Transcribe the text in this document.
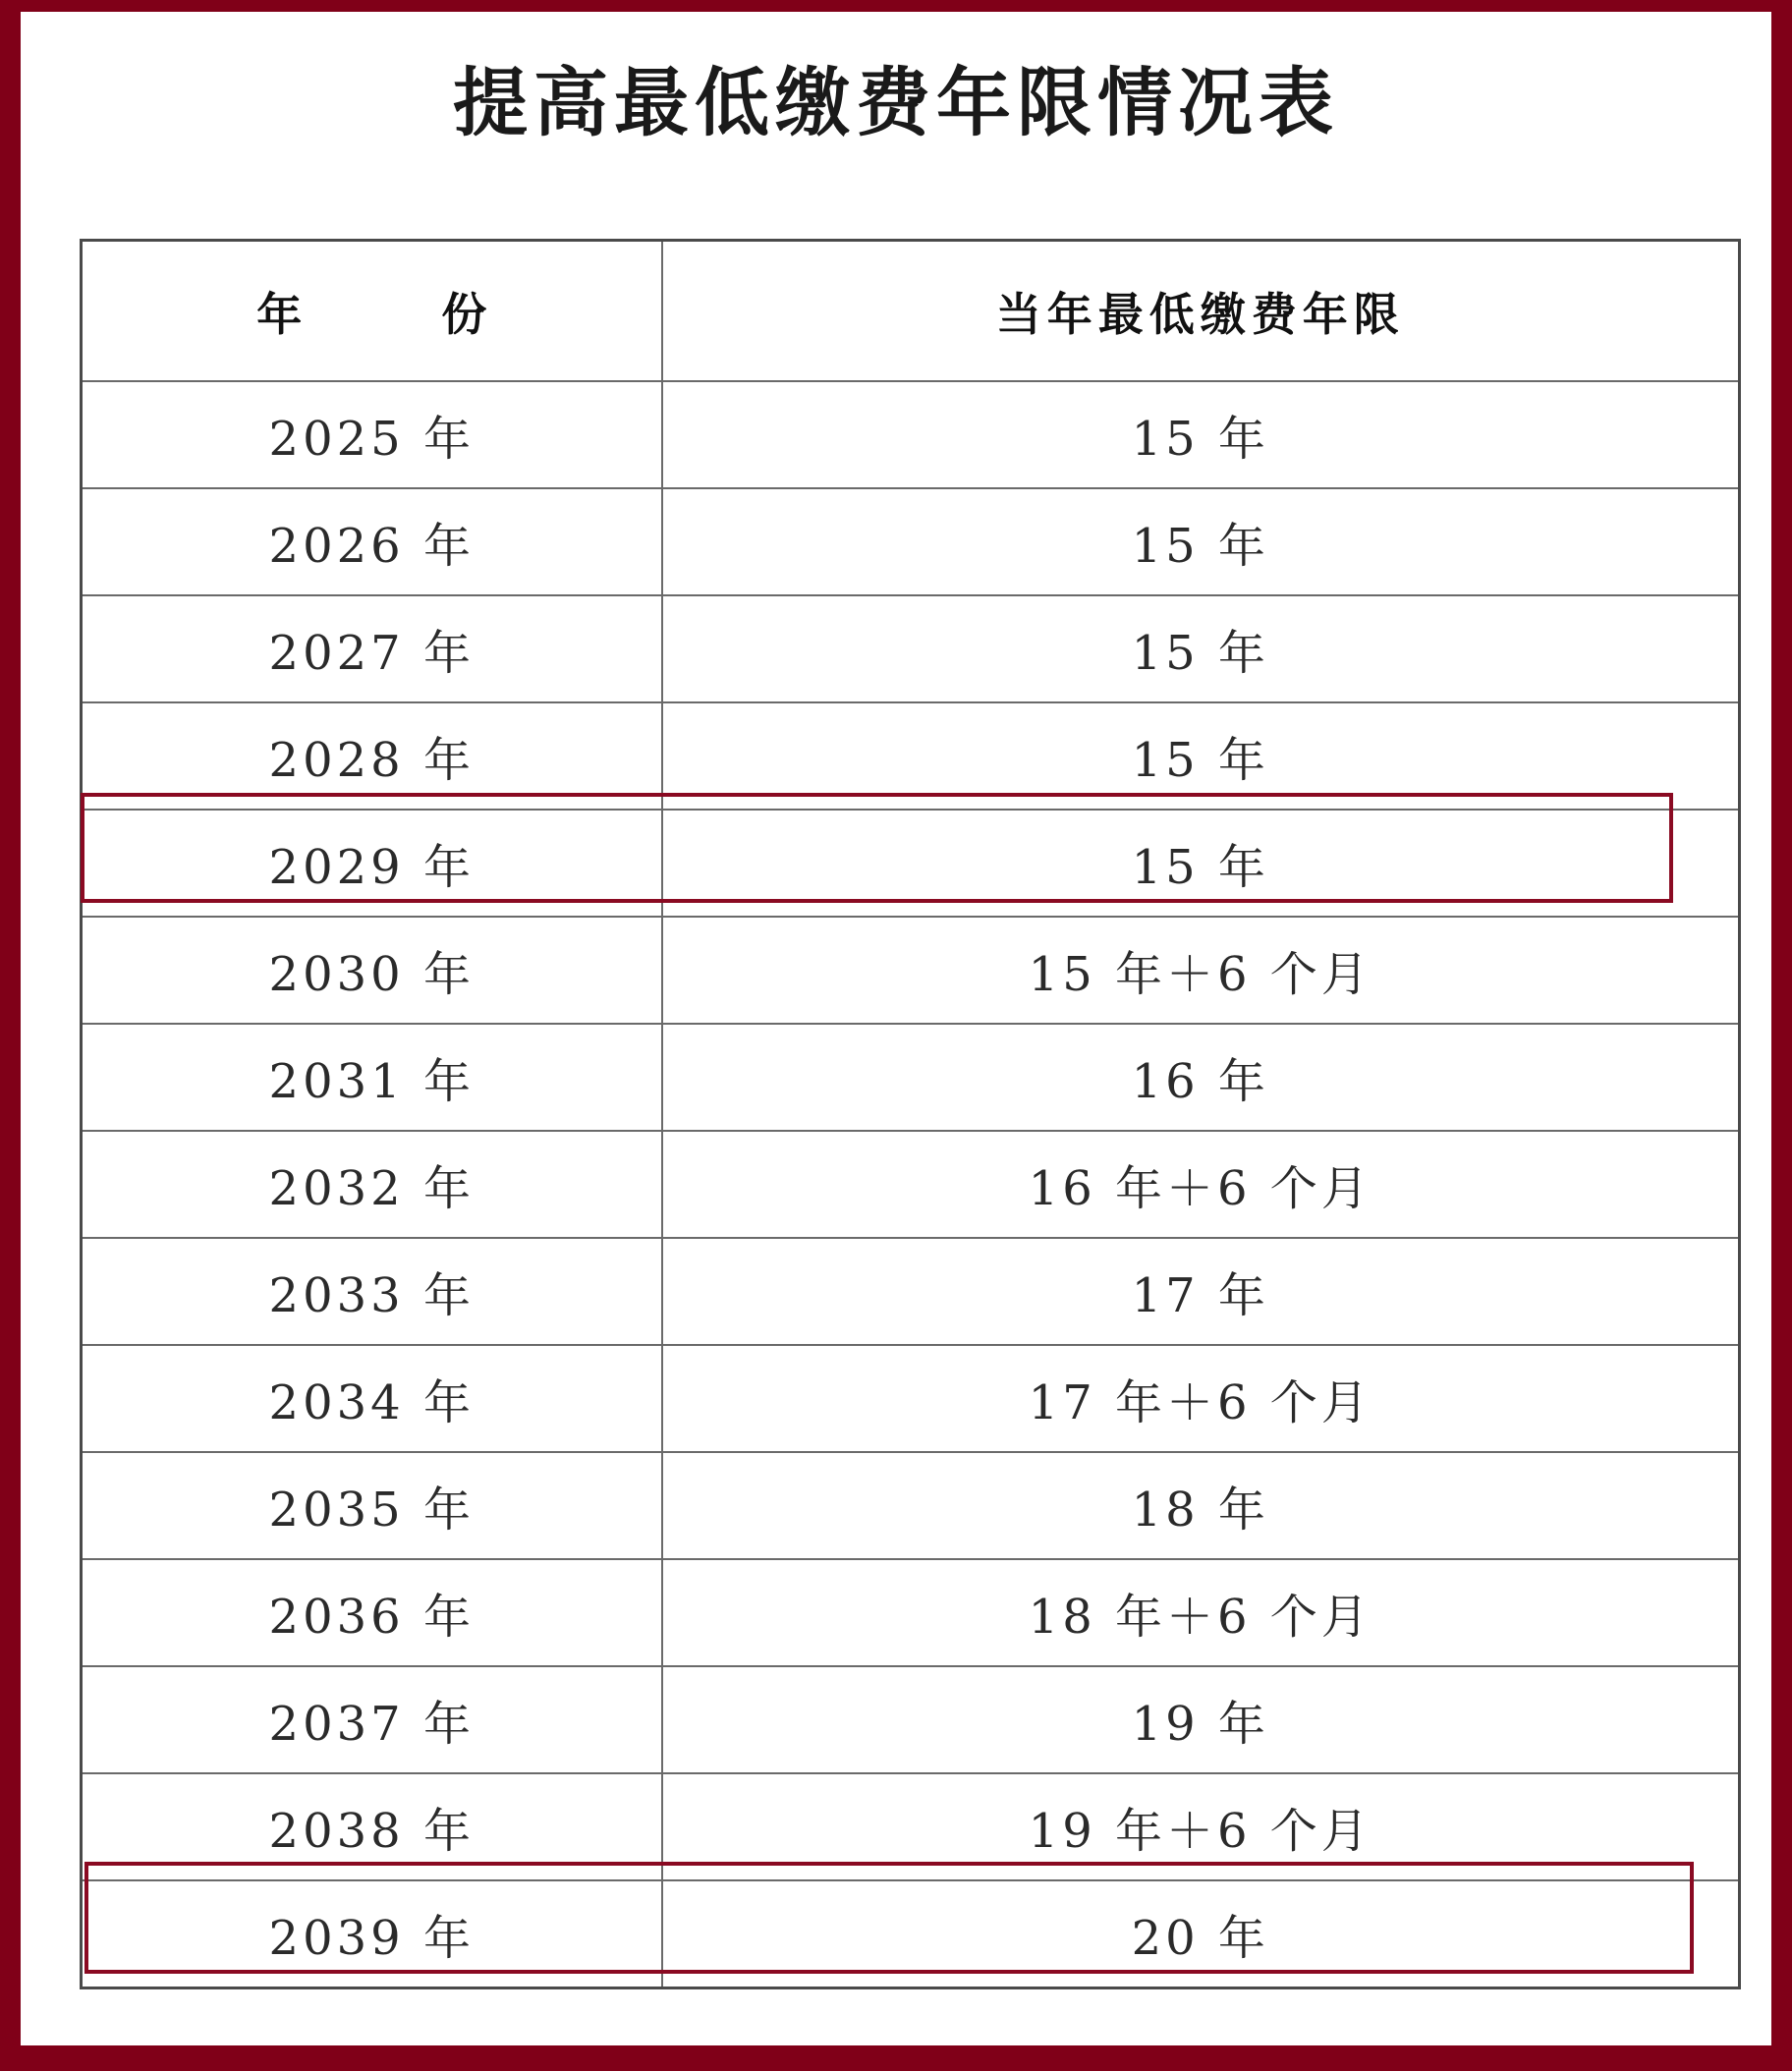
提高最低缴费年限情况表
年　份	当年最低缴费年限
2025 年	15 年
2026 年	15 年
2027 年	15 年
2028 年	15 年
2029 年	15 年
2030 年	15 年＋6 个月
2031 年	16 年
2032 年	16 年＋6 个月
2033 年	17 年
2034 年	17 年＋6 个月
2035 年	18 年
2036 年	18 年＋6 个月
2037 年	19 年
2038 年	19 年＋6 个月
2039 年	20 年
